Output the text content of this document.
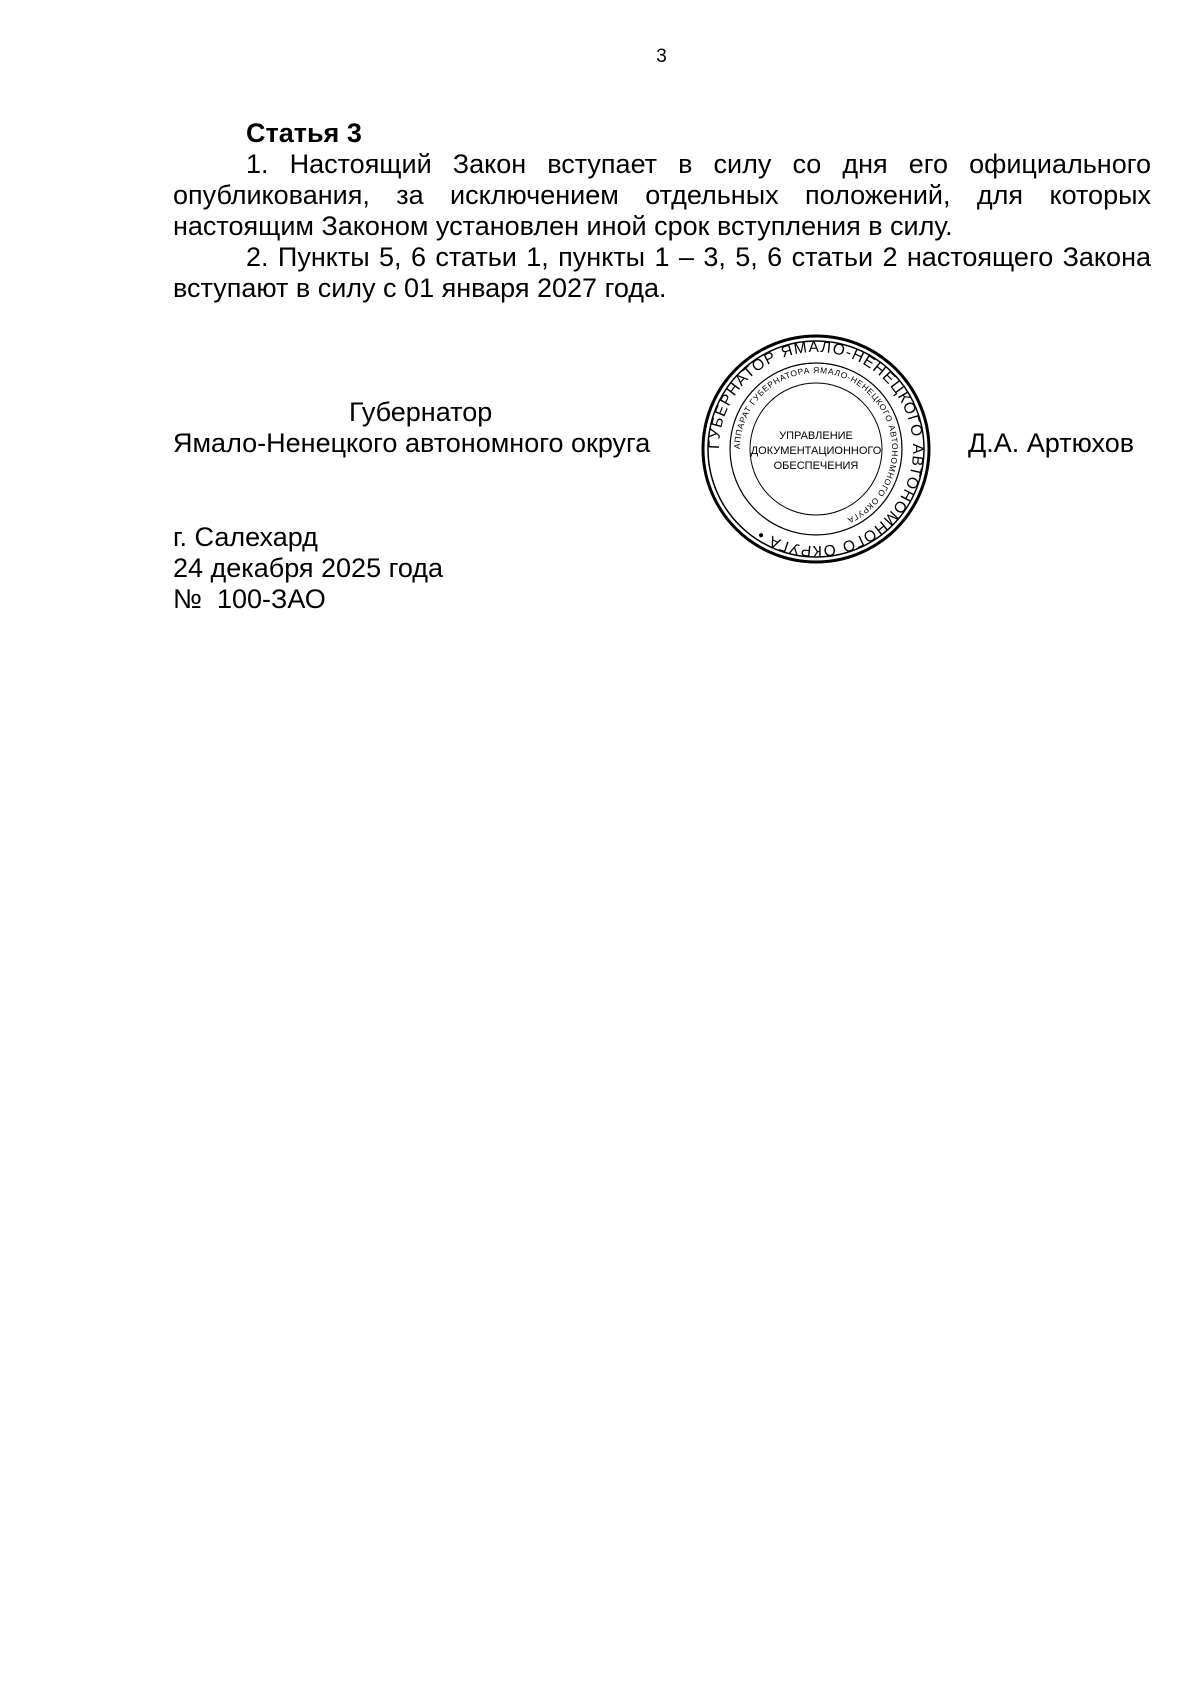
3

Статья 3

1. Настоящий Закон вступает в силу со дня его официального опубликования, за исключением отдельных положений, для которых настоящим Законом установлен иной срок вступления в силу.

2. Пункты 5, 6 статьи 1, пункты 1 – 3, 5, 6 статьи 2 настоящего Закона вступают в силу с 01 января 2027 года.

Губернатор
Ямало-Ненецкого автономного округа	ГУБЕРНАТОР ЯМАЛО-НЕНЕЦКОГО АВТОНОМНОГО ОКРУГА •
АППАРАТ ГУБЕРНАТОРА ЯМАЛО-НЕНЕЦКОГО АВТОНОМНОГО ОКРУГА
УПРАВЛЕНИЕ
ДОКУМЕНТАЦИОННОГО
ОБЕСПЕЧЕНИЯ
Д.А. Артюхов
г. Салехард
24 декабря 2025 года
№  100-ЗАО
